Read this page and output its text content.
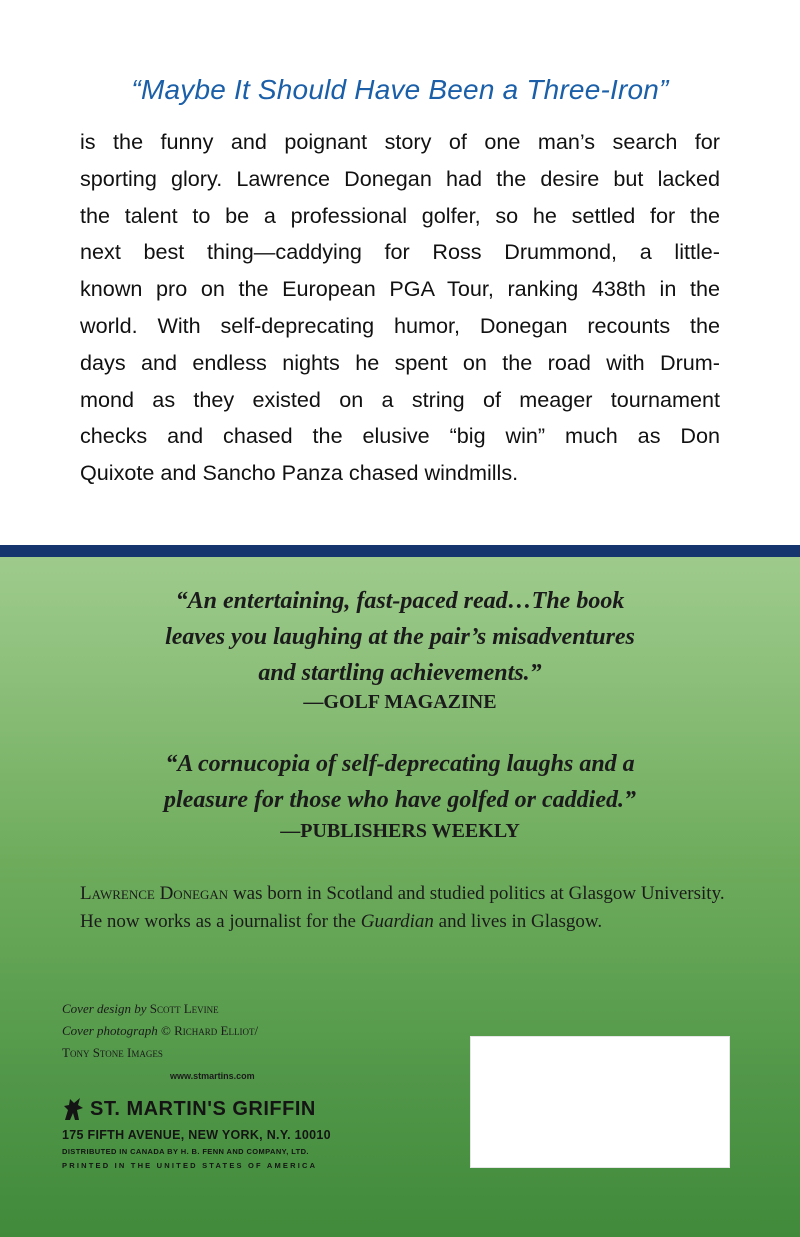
“Maybe It Should Have Been a Three-Iron”
is the funny and poignant story of one man’s search for
sporting glory. Lawrence Donegan had the desire but lacked
the talent to be a professional golfer, so he settled for the
next best thing—caddying for Ross Drummond, a little-
known pro on the European PGA Tour, ranking 438th in the
world. With self-deprecating humor, Donegan recounts the
days and endless nights he spent on the road with Drum-
mond as they existed on a string of meager tournament
checks and chased the elusive “big win” much as Don
Quixote and Sancho Panza chased windmills.
“An entertaining, fast-paced read…The book
leaves you laughing at the pair’s misadventures
and startling achievements.”
—GOLF MAGAZINE
“A cornucopia of self-deprecating laughs and a
pleasure for those who have golfed or caddied.”
—PUBLISHERS WEEKLY
Lawrence Donegan was born in Scotland and studied politics at Glasgow University. He now works as a journalist for the Guardian and lives in Glasgow.
Cover design by Scott Levine
Cover photograph © Richard Elliot/
Tony Stone Images
www.stmartins.com
ST. MARTIN'S GRIFFIN
175 FIFTH AVENUE, NEW YORK, N.Y. 10010
DISTRIBUTED IN CANADA BY H. B. FENN AND COMPANY, LTD.
PRINTED IN THE UNITED STATES OF AMERICA
